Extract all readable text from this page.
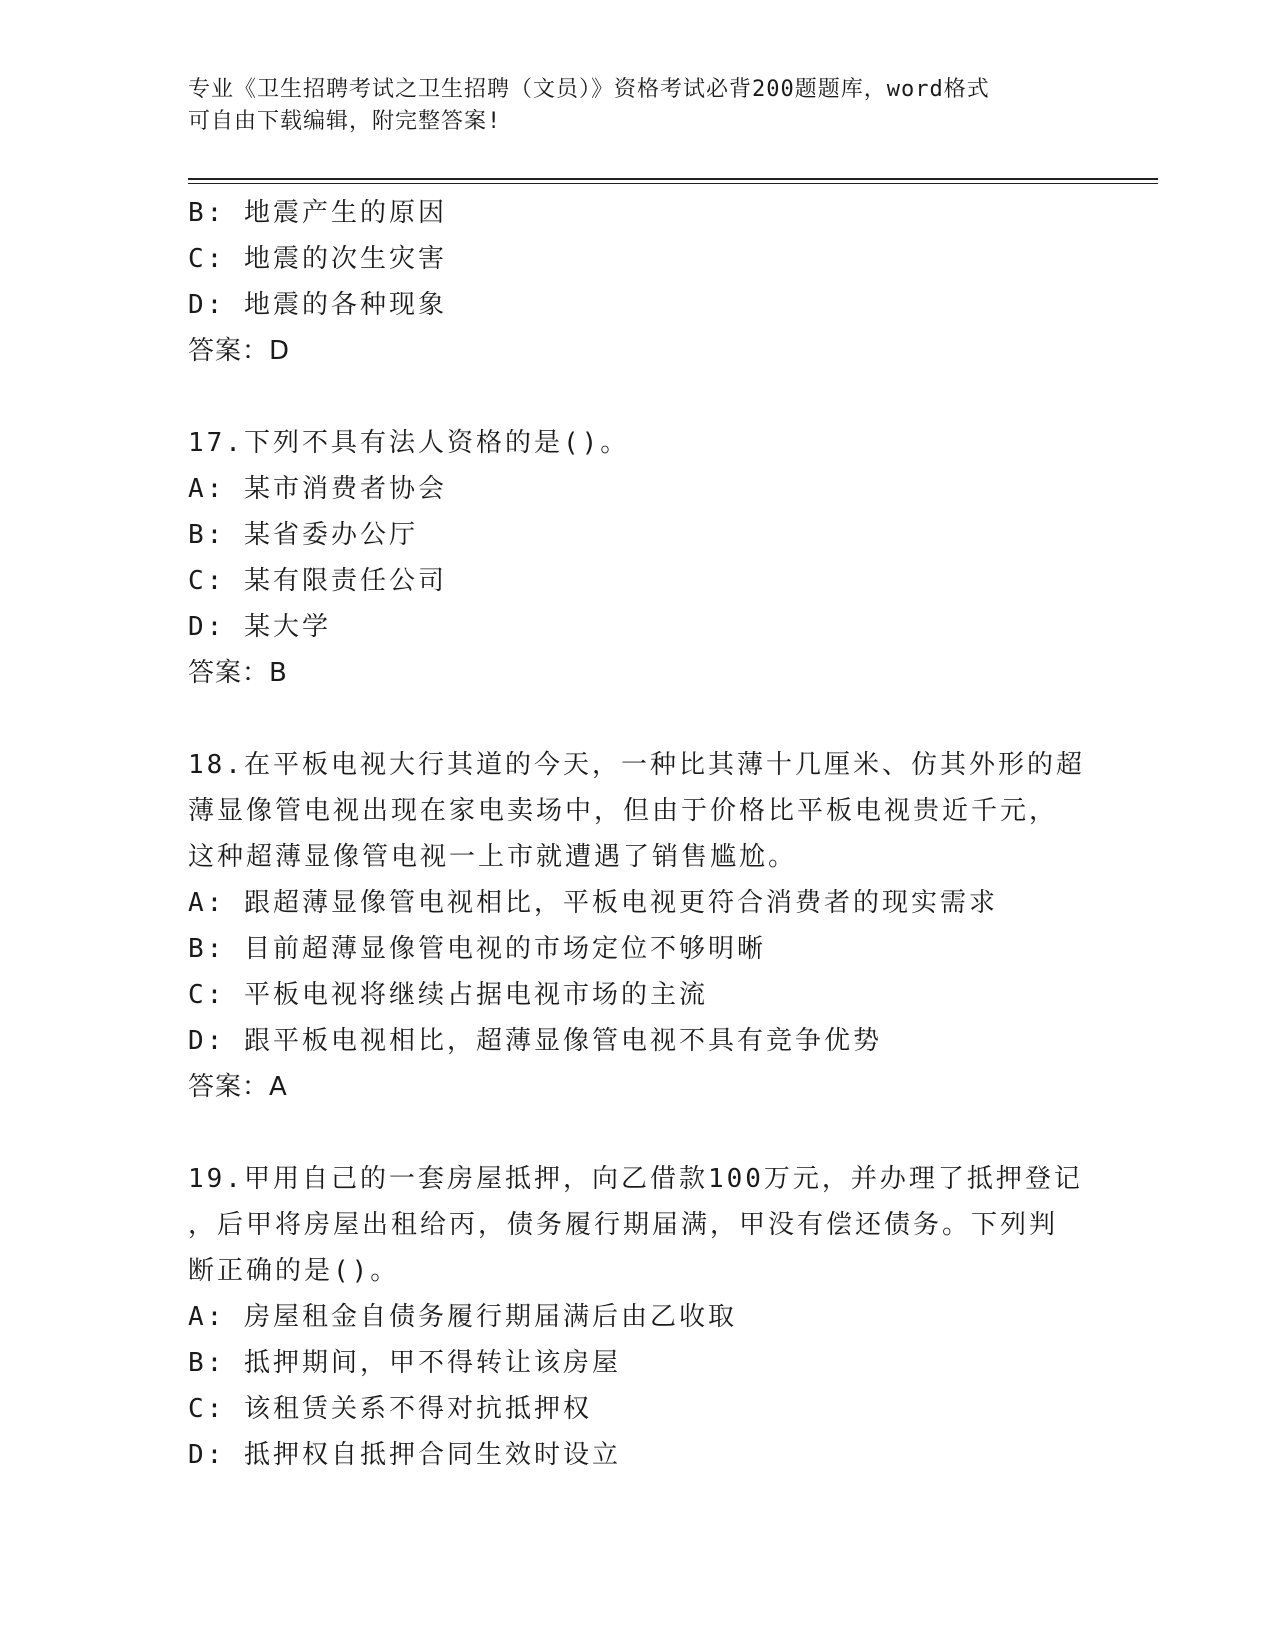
专业《卫生招聘考试之卫生招聘（文员）》资格考试必背200题题库，word格式
可自由下载编辑，附完整答案!
B: 地震产生的原因
C: 地震的次生灾害
D: 地震的各种现象
答案：D
17.下列不具有法人资格的是()。
A: 某市消费者协会
B: 某省委办公厅
C: 某有限责任公司
D: 某大学
答案：B
18.在平板电视大行其道的今天，一种比其薄十几厘米、仿其外形的超
薄显像管电视出现在家电卖场中，但由于价格比平板电视贵近千元，
这种超薄显像管电视一上市就遭遇了销售尴尬。
A: 跟超薄显像管电视相比，平板电视更符合消费者的现实需求
B: 目前超薄显像管电视的市场定位不够明晰
C: 平板电视将继续占据电视市场的主流
D: 跟平板电视相比，超薄显像管电视不具有竞争优势
答案：A
19.甲用自己的一套房屋抵押，向乙借款100万元，并办理了抵押登记
，后甲将房屋出租给丙，债务履行期届满，甲没有偿还债务。下列判
断正确的是()。
A: 房屋租金自债务履行期届满后由乙收取
B: 抵押期间，甲不得转让该房屋
C: 该租赁关系不得对抗抵押权
D: 抵押权自抵押合同生效时设立
